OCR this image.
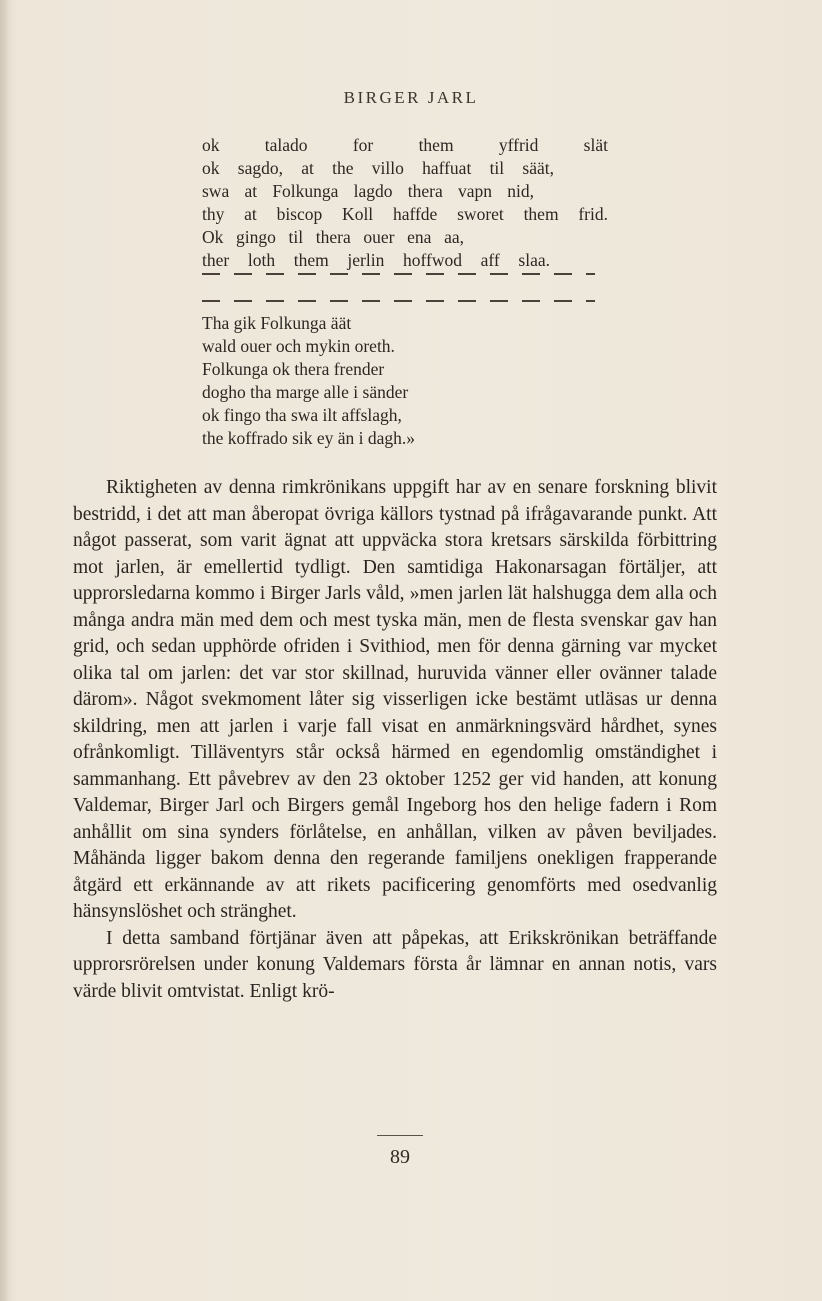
BIRGER JARL
ok talado for them yffrid slät
ok sagdo, at the villo haffuat til säät,
swa at Folkunga lagdo thera vapn nid,
thy at biscop Koll haffde sworet them frid.
Ok gingo til thera ouer ena aa,
ther loth them jerlin hoffwod aff slaa.
Tha gik Folkunga äät
wald ouer och mykin oreth.
Folkunga ok thera frender
dogho tha marge alle i sänder
ok fingo tha swa ilt affslagh,
the koffrado sik ey än i dagh.»

Riktigheten av denna rimkrönikans uppgift har av en senare forskning blivit bestridd, i det att man åberopat övriga källors tystnad på ifrågavarande punkt. Att något passerat, som varit ägnat att uppväcka stora kretsars särskilda förbittring mot jarlen, är emellertid tydligt. Den samtidiga Hakonarsagan förtäljer, att upprorsledarna kommo i Birger Jarls våld, »men jarlen lät halshugga dem alla och många andra män med dem och mest tyska män, men de flesta svenskar gav han grid, och sedan upphörde ofriden i Svithiod, men för denna gärning var mycket olika tal om jarlen: det var stor skillnad, huruvida vänner eller ovänner talade därom». Något svekmoment låter sig visserligen icke bestämt utläsas ur denna skildring, men att jarlen i varje fall visat en anmärkningsvärd hårdhet, synes ofrånkomligt. Tilläventyrs står också härmed en egendomlig omständighet i sammanhang. Ett påvebrev av den 23 oktober 1252 ger vid handen, att konung Valdemar, Birger Jarl och Birgers gemål Ingeborg hos den helige fadern i Rom anhållit om sina synders förlåtelse, en anhållan, vilken av påven beviljades. Måhända ligger bakom denna den regerande familjens onekligen frapperande åtgärd ett erkännande av att rikets pacificering genomförts med osedvanlig hänsynslöshet och stränghet.

I detta samband förtjänar även att påpekas, att Erikskrönikan beträffande upprorsrörelsen under konung Valdemars första år lämnar en annan notis, vars värde blivit omtvistat. Enligt krö-

89
